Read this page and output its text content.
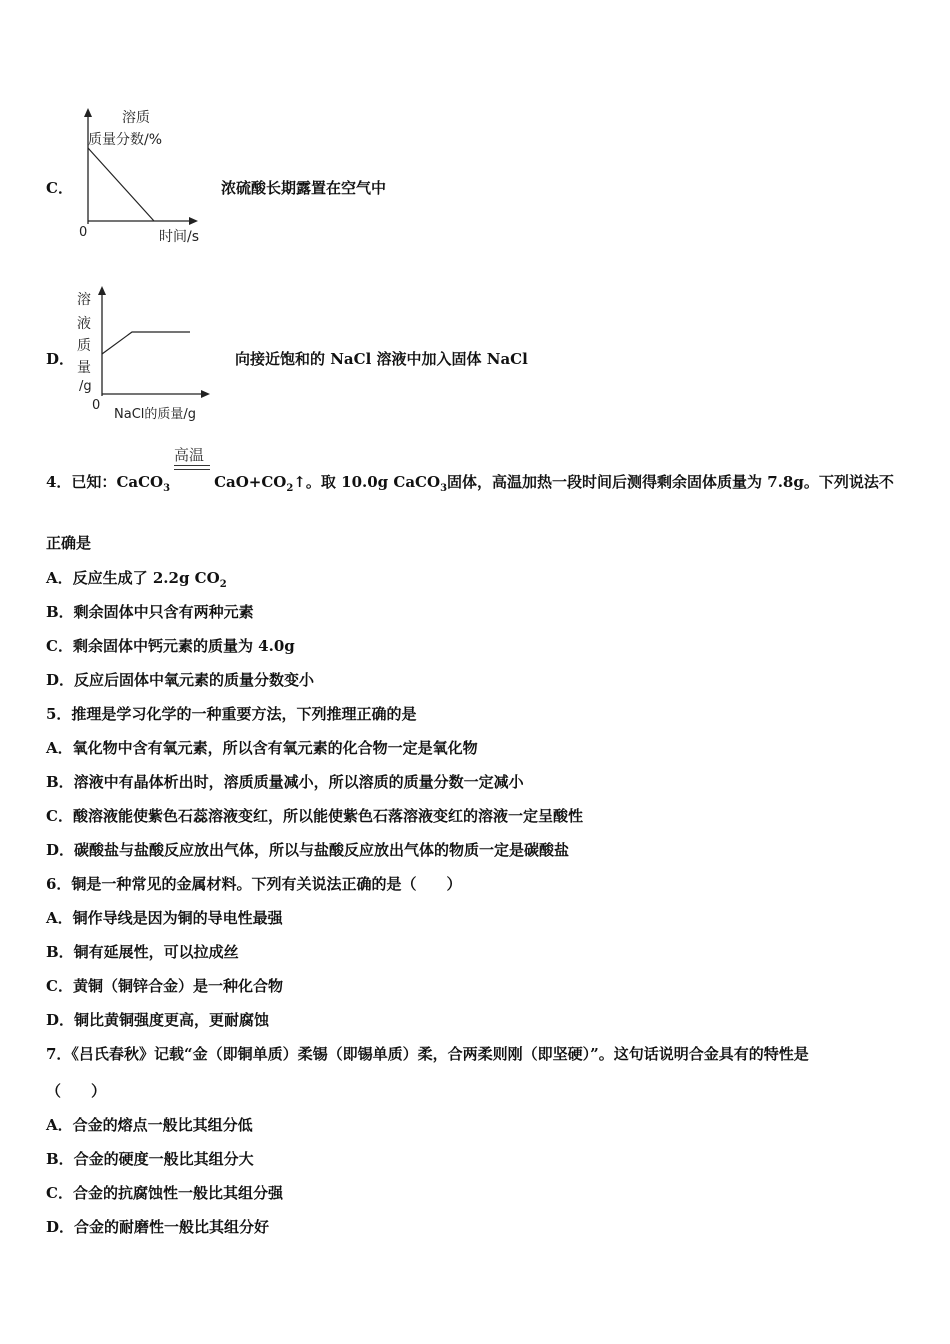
C．
溶质
质量分数/%
0	时间/s
浓硫酸长期露置在空气中
D．
溶
液
质
量
/g
0
NaCl的质量/g
向接近饱和的 NaCl 溶液中加入固体 NaCl
高温
4．已知：CaCO$_3$	$CaO+CO_2↑$。取 10.0g CaCO$_3$固体，高温加热一段时间后测得剩余固体质量为 7.8g。下列说法不
正确是
A．反应生成了 2.2g $CO_2$
B．剩余固体中只含有两种元素
C．剩余固体中钙元素的质量为 4.0g
D．反应后固体中氧元素的质量分数变小
5．推理是学习化学的一种重要方法，下列推理正确的是
A．氧化物中含有氧元素，所以含有氧元素的化合物一定是氧化物
B．溶液中有晶体析出时，溶质质量减小，所以溶质的质量分数一定减小
C．酸溶液能使紫色石蕊溶液变红，所以能使紫色石落溶液变红的溶液一定呈酸性
D．碳酸盐与盐酸反应放出气体，所以与盐酸反应放出气体的物质一定是碳酸盐
6．铜是一种常见的金属材料。下列有关说法正确的是（　　）
A．铜作导线是因为铜的导电性最强
B．铜有延展性，可以拉成丝
C．黄铜（铜锌合金）是一种化合物
D．铜比黄铜强度更高，更耐腐蚀
7．《吕氏春秋》记载“金（即铜单质）柔锡（即锡单质）柔，合两柔则刚（即坚硬）”。这句话说明合金具有的特性是
（　　）
A．合金的熔点一般比其组分低
B．合金的硬度一般比其组分大
C．合金的抗腐蚀性一般比其组分强
D．合金的耐磨性一般比其组分好
